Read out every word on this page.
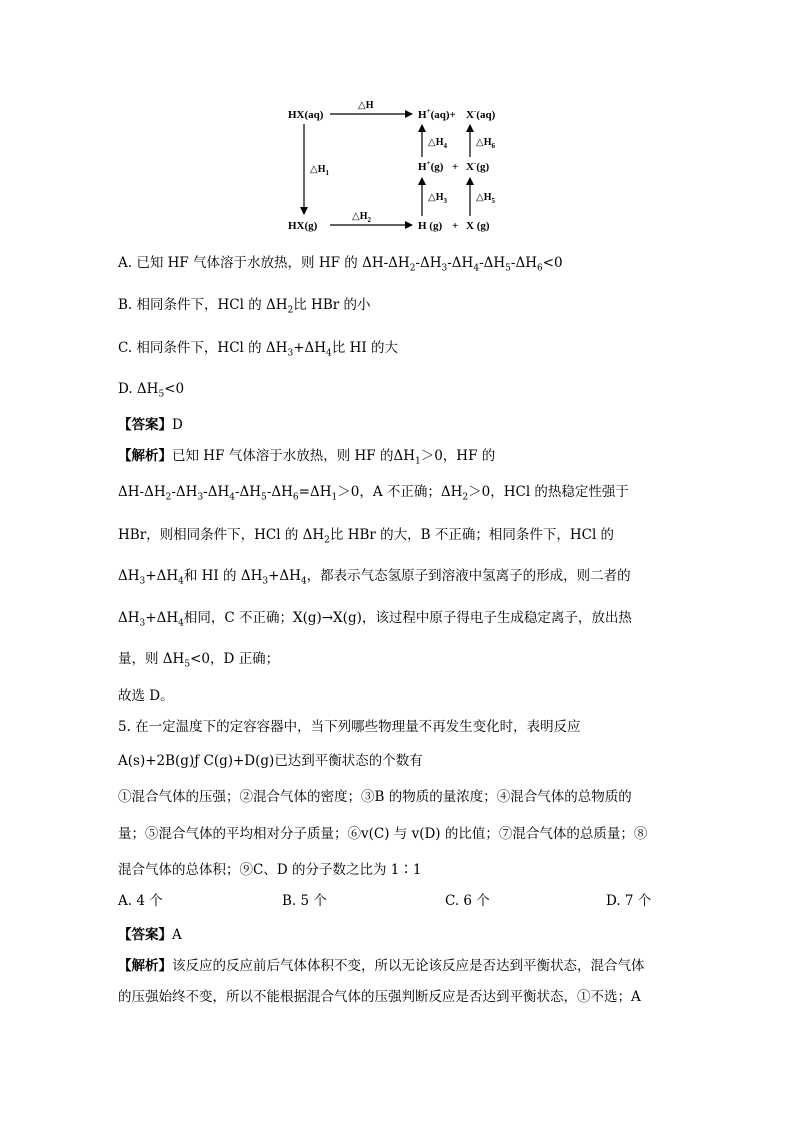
HX(aq)
HX(g)
△H
$\triangle H_1$
$\triangle H_2$
H+(aq)+ X-(aq)
H+(g) + X-(g)
H (g) + X (g)
$\triangle H_4$	$\triangle H_6$
$\triangle H_3$	$\triangle H_5$
A. 已知 HF 气体溶于水放热，则 HF 的 $\Delta H-\Delta H_2-\Delta H_3-\Delta H_4-\Delta H_5-\Delta H_6<0$
B. 相同条件下，HCl 的 $\Delta H_2$比 HBr 的小
C. 相同条件下，HCl 的 $\Delta H_3+\Delta H_4$比 HI 的大
D. $\Delta H_5<0$
【答案】D
【解析】已知 HF 气体溶于水放热，则 HF 的$\Delta H_1>0$，HF 的
$\Delta H-\Delta H_2-\Delta H_3-\Delta H_4-\Delta H_5-\Delta H_6=\Delta H_1>0$，A 不正确；$\Delta H_2>0$，HCl 的热稳定性强于
HBr，则相同条件下，HCl 的 $\Delta H_2$比 HBr 的大，B 不正确；相同条件下，HCl 的
$\Delta H_3+\Delta H_4$和 HI 的 $\Delta H_3+\Delta H_4$，都表示气态氢原子到溶液中氢离子的形成，则二者的
$\Delta H_3+\Delta H_4$相同，C 不正确；X(g)→X(g)，该过程中原子得电子生成稳定离子，放出热
量，则 $\Delta H_5<0$，D 正确；
故选 D。
5. 在一定温度下的定容容器中，当下列哪些物理量不再发生变化时，表明反应
A(s)+2B(g)ƒ C(g)+D(g)已达到平衡状态的个数有
①混合气体的压强；②混合气体的密度；③B 的物质的量浓度；④混合气体的总物质的
量；⑤混合气体的平均相对分子质量；⑥v(C) 与 v(D) 的比值；⑦混合气体的总质量；⑧
混合气体的总体积；⑨C、D 的分子数之比为 1∶1
A. 4 个	B. 5 个	C. 6 个	D. 7 个
【答案】A
【解析】该反应的反应前后气体体积不变，所以无论该反应是否达到平衡状态，混合气体
的压强始终不变，所以不能根据混合气体的压强判断反应是否达到平衡状态，①不选；A
